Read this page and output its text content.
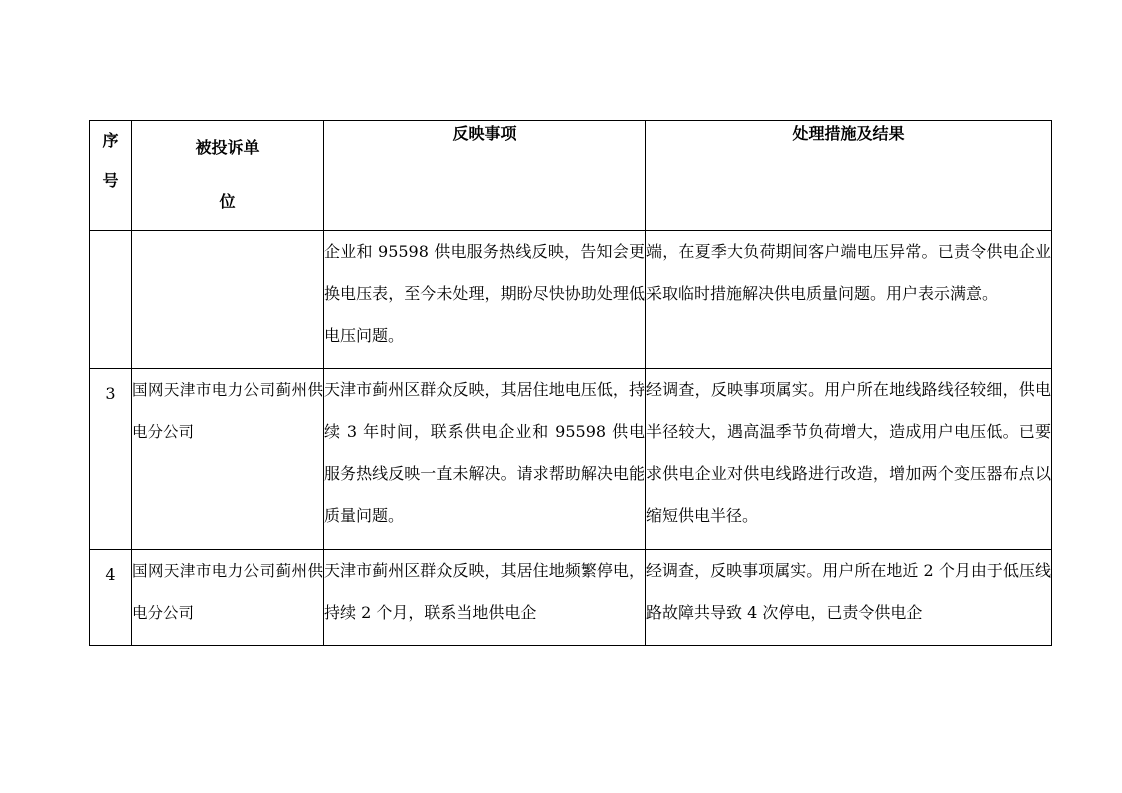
序号	被投诉单位	反映事项	处理措施及结果
		企业和 95598 供电服务热线反映，告知会更换电压表，至今未处理，期盼尽快协助处理低电压问题。	端，在夏季大负荷期间客户端电压异常。已责令供电企业采取临时措施解决供电质量问题。用户表示满意。
3	国网天津市电力公司蓟州供电分公司	天津市蓟州区群众反映，其居住地电压低，持续 3 年时间，联系供电企业和 95598 供电服务热线反映一直未解决。请求帮助解决电能质量问题。	经调查，反映事项属实。用户所在地线路线径较细，供电半径较大，遇高温季节负荷增大，造成用户电压低。已要求供电企业对供电线路进行改造，增加两个变压器布点以缩短供电半径。
4	国网天津市电力公司蓟州供电分公司	天津市蓟州区群众反映，其居住地频繁停电，持续 2 个月，联系当地供电企	经调查，反映事项属实。用户所在地近 2 个月由于低压线路故障共导致 4 次停电，已责令供电企
